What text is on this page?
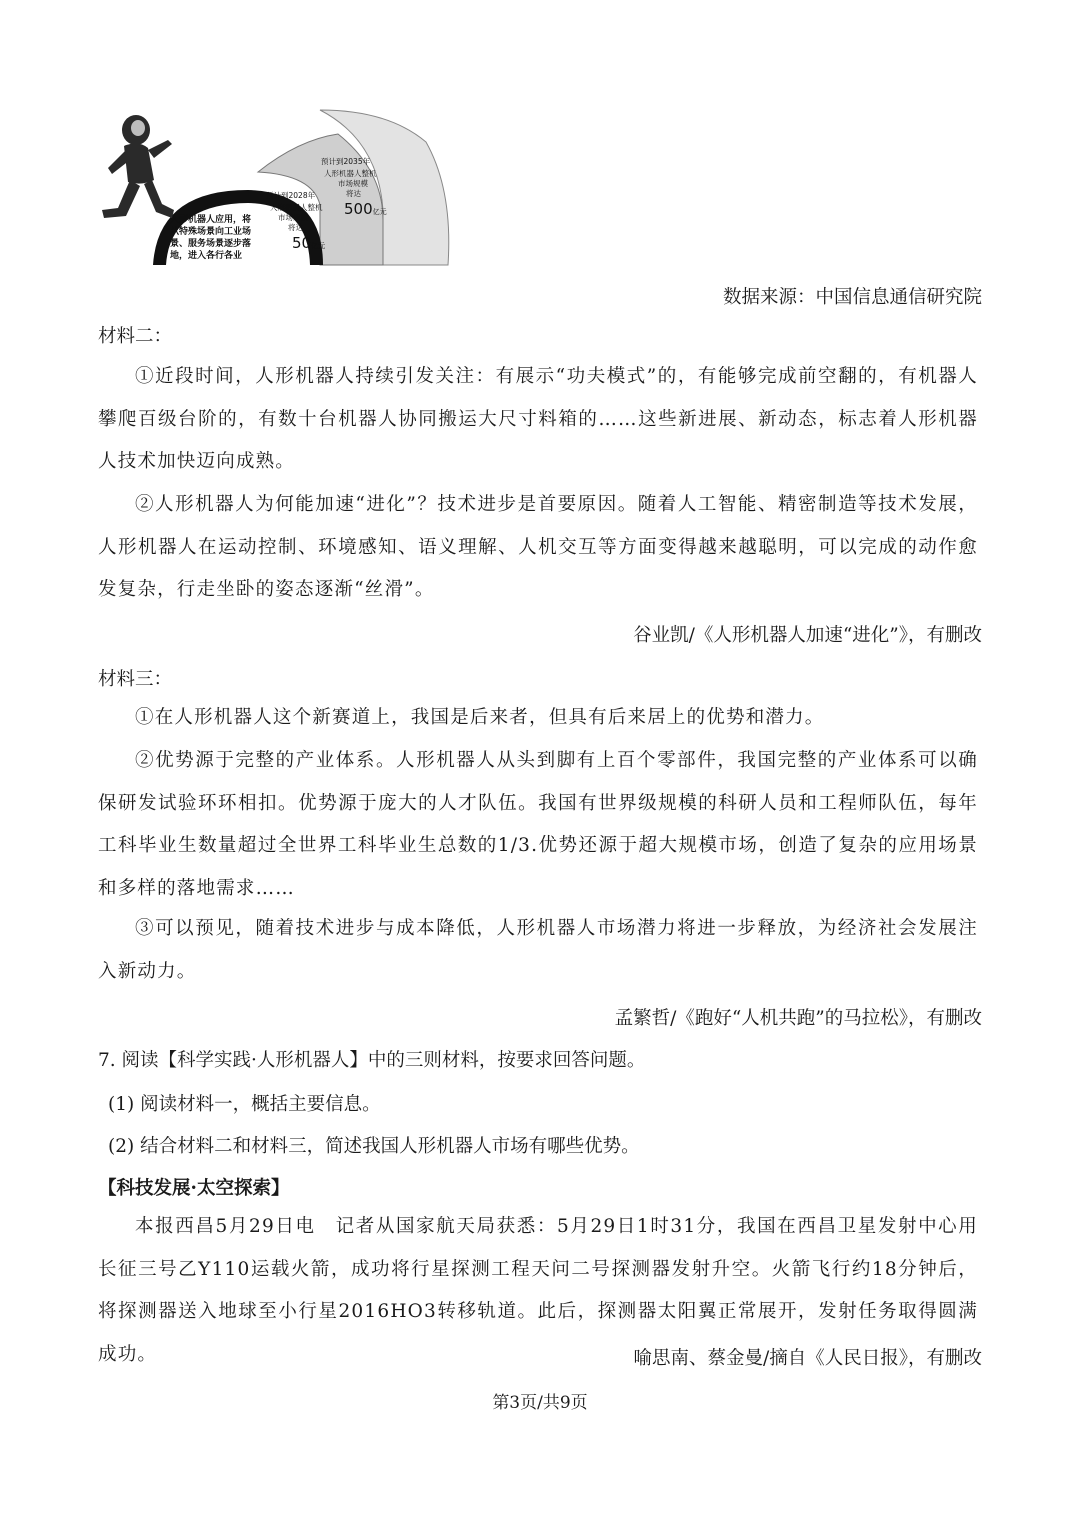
人形机器人应用，将 从特殊场景向工业场 景、服务场景逐步落 地，进入各行各业
预计到2028年
人形机器人整机 市场规模 将达
50亿元
预计到2035年
人形机器人整机 市场规模 将达
500亿元
数据来源：中国信息通信研究院
材料二：
①近段时间，人形机器人持续引发关注：有展示“功夫模式”的，有能够完成前空翻的，有机器人攀爬百级台阶的，有数十台机器人协同搬运大尺寸料箱的……这些新进展、新动态，标志着人形机器人技术加快迈向成熟。
②人形机器人为何能加速“进化”？技术进步是首要原因。随着人工智能、精密制造等技术发展，人形机器人在运动控制、环境感知、语义理解、人机交互等方面变得越来越聪明，可以完成的动作愈发复杂，行走坐卧的姿态逐渐“丝滑”。
谷业凯/《人形机器人加速“进化”》，有删改
材料三：
①在人形机器人这个新赛道上，我国是后来者，但具有后来居上的优势和潜力。
②优势源于完整的产业体系。人形机器人从头到脚有上百个零部件，我国完整的产业体系可以确保研发试验环环相扣。优势源于庞大的人才队伍。我国有世界级规模的科研人员和工程师队伍，每年工科毕业生数量超过全世界工科毕业生总数的1/3.优势还源于超大规模市场，创造了复杂的应用场景和多样的落地需求……
③可以预见，随着技术进步与成本降低，人形机器人市场潜力将进一步释放，为经济社会发展注入新动力。
孟繁哲/《跑好“人机共跑”的马拉松》，有删改
7. 阅读【科学实践·人形机器人】中的三则材料，按要求回答问题。
(1) 阅读材料一，概括主要信息。
(2) 结合材料二和材料三，简述我国人形机器人市场有哪些优势。
【科技发展·太空探索】
本报西昌5月29日电　记者从国家航天局获悉：5月29日1时31分，我国在西昌卫星发射中心用长征三号乙Y110运载火箭，成功将行星探测工程天问二号探测器发射升空。火箭飞行约18分钟后，将探测器送入地球至小行星2016HO3转移轨道。此后，探测器太阳翼正常展开，发射任务取得圆满成功。	喻思南、蔡金曼/摘自《人民日报》，有删改
第3页/共9页
